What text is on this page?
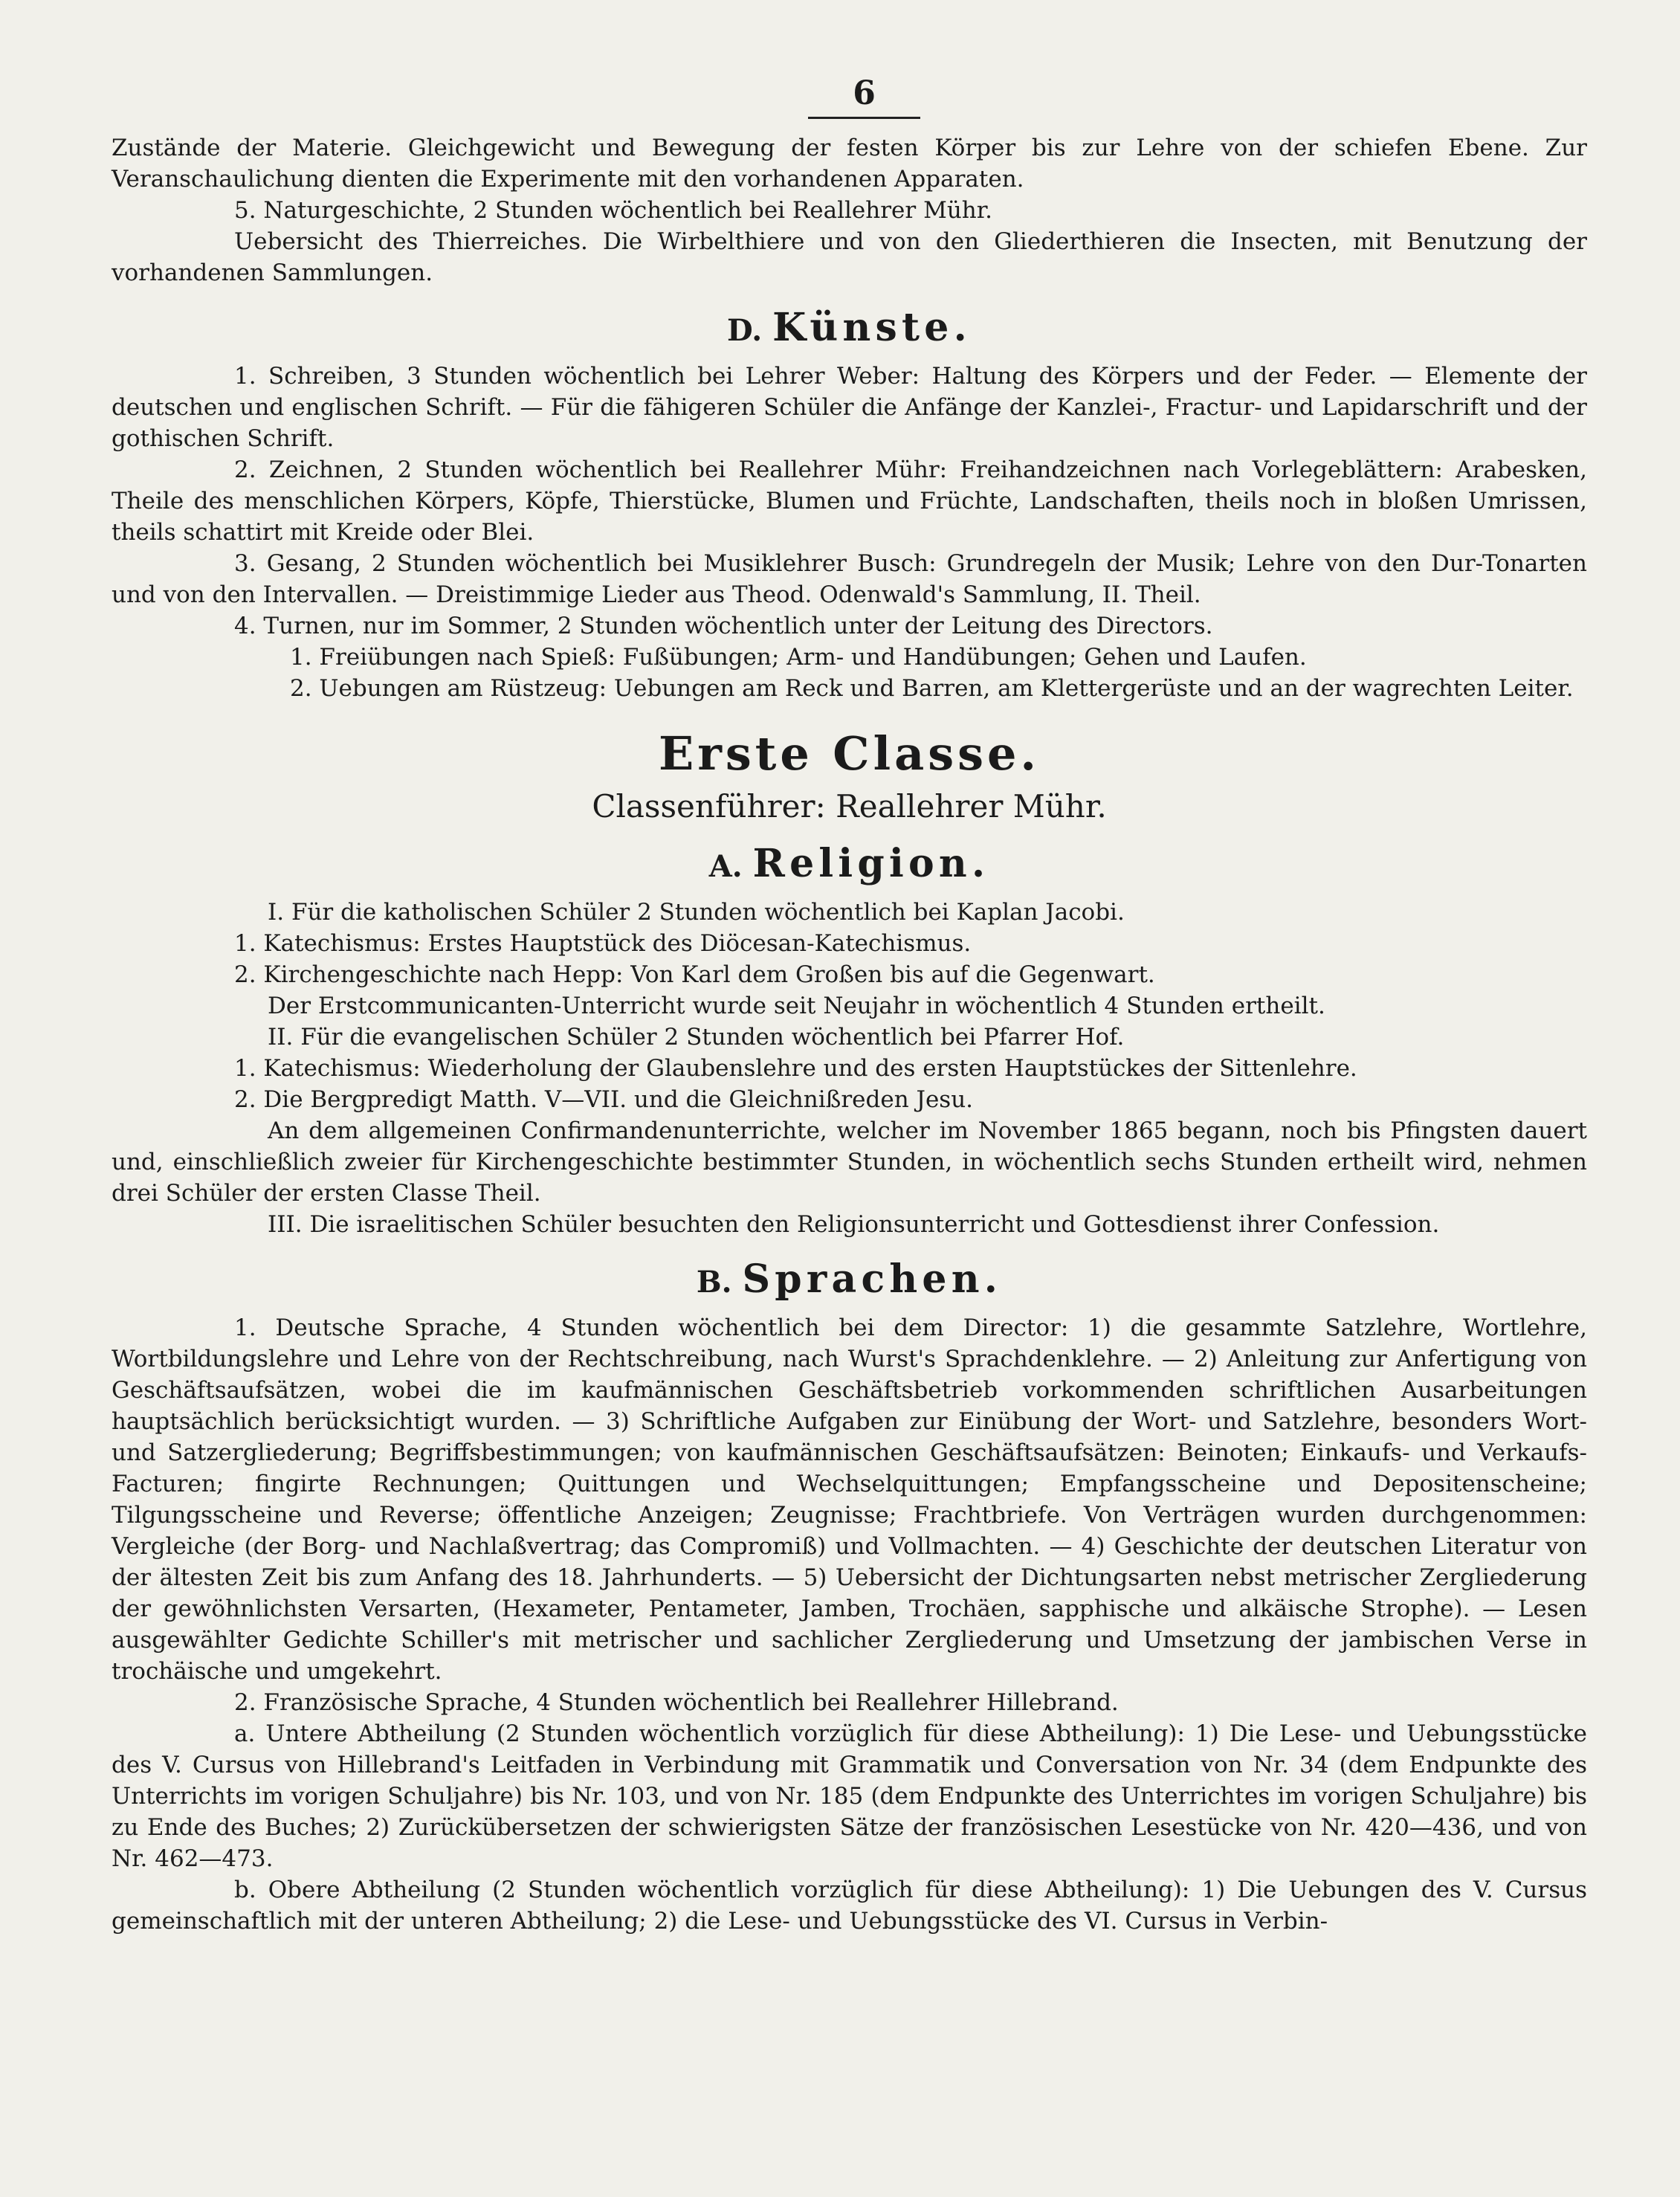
6

Zustände der Materie. Gleichgewicht und Bewegung der festen Körper bis zur Lehre von der schiefen Ebene. Zur Veranschaulichung dienten die Experimente mit den vorhandenen Apparaten.

5. Naturgeschichte, 2 Stunden wöchentlich bei Reallehrer Mühr.

Uebersicht des Thierreiches. Die Wirbelthiere und von den Gliederthieren die Insecten, mit Benutzung der vorhandenen Sammlungen.

D. Künste.

1. Schreiben, 3 Stunden wöchentlich bei Lehrer Weber: Haltung des Körpers und der Feder. — Elemente der deutschen und englischen Schrift. — Für die fähigeren Schüler die Anfänge der Kanzlei-, Fractur- und Lapidarschrift und der gothischen Schrift.

2. Zeichnen, 2 Stunden wöchentlich bei Reallehrer Mühr: Freihandzeichnen nach Vorlegeblättern: Arabesken, Theile des menschlichen Körpers, Köpfe, Thierstücke, Blumen und Früchte, Landschaften, theils noch in bloßen Umrissen, theils schattirt mit Kreide oder Blei.

3. Gesang, 2 Stunden wöchentlich bei Musiklehrer Busch: Grundregeln der Musik; Lehre von den Dur-Tonarten und von den Intervallen. — Dreistimmige Lieder aus Theod. Odenwald's Sammlung, II. Theil.

4. Turnen, nur im Sommer, 2 Stunden wöchentlich unter der Leitung des Directors.

1. Freiübungen nach Spieß: Fußübungen; Arm- und Handübungen; Gehen und Laufen.

2. Uebungen am Rüstzeug: Uebungen am Reck und Barren, am Klettergerüste und an der wagrechten Leiter.

Erste Classe.
Classenführer: Reallehrer Mühr.
A. Religion.

I. Für die katholischen Schüler 2 Stunden wöchentlich bei Kaplan Jacobi.

1. Katechismus: Erstes Hauptstück des Diöcesan-Katechismus.

2. Kirchengeschichte nach Hepp: Von Karl dem Großen bis auf die Gegenwart.

Der Erstcommunicanten-Unterricht wurde seit Neujahr in wöchentlich 4 Stunden ertheilt.

II. Für die evangelischen Schüler 2 Stunden wöchentlich bei Pfarrer Hof.

1. Katechismus: Wiederholung der Glaubenslehre und des ersten Hauptstückes der Sittenlehre.

2. Die Bergpredigt Matth. V—VII. und die Gleichnißreden Jesu.

An dem allgemeinen Confirmandenunterrichte, welcher im November 1865 begann, noch bis Pfingsten dauert und, einschließlich zweier für Kirchengeschichte bestimmter Stunden, in wöchentlich sechs Stunden ertheilt wird, nehmen drei Schüler der ersten Classe Theil.

III. Die israelitischen Schüler besuchten den Religionsunterricht und Gottesdienst ihrer Confession.

B. Sprachen.

1. Deutsche Sprache, 4 Stunden wöchentlich bei dem Director: 1) die gesammte Satzlehre, Wortlehre, Wortbildungslehre und Lehre von der Rechtschreibung, nach Wurst's Sprachdenklehre. — 2) Anleitung zur Anfertigung von Geschäftsaufsätzen, wobei die im kaufmännischen Geschäftsbetrieb vorkommenden schriftlichen Ausarbeitungen hauptsächlich berücksichtigt wurden. — 3) Schriftliche Aufgaben zur Einübung der Wort- und Satzlehre, besonders Wort- und Satzergliederung; Begriffsbestimmungen; von kaufmännischen Geschäftsaufsätzen: Beinoten; Einkaufs- und Verkaufs-Facturen; fingirte Rechnungen; Quittungen und Wechselquittungen; Empfangsscheine und Depositenscheine; Tilgungsscheine und Reverse; öffentliche Anzeigen; Zeugnisse; Frachtbriefe. Von Verträgen wurden durchgenommen: Vergleiche (der Borg- und Nachlaßvertrag; das Compromiß) und Vollmachten. — 4) Geschichte der deutschen Literatur von der ältesten Zeit bis zum Anfang des 18. Jahrhunderts. — 5) Uebersicht der Dichtungsarten nebst metrischer Zergliederung der gewöhnlichsten Versarten, (Hexameter, Pentameter, Jamben, Trochäen, sapphische und alkäische Strophe). — Lesen ausgewählter Gedichte Schiller's mit metrischer und sachlicher Zergliederung und Umsetzung der jambischen Verse in trochäische und umgekehrt.

2. Französische Sprache, 4 Stunden wöchentlich bei Reallehrer Hillebrand.

a. Untere Abtheilung (2 Stunden wöchentlich vorzüglich für diese Abtheilung): 1) Die Lese- und Uebungsstücke des V. Cursus von Hillebrand's Leitfaden in Verbindung mit Grammatik und Conversation von Nr. 34 (dem Endpunkte des Unterrichts im vorigen Schuljahre) bis Nr. 103, und von Nr. 185 (dem Endpunkte des Unterrichtes im vorigen Schuljahre) bis zu Ende des Buches; 2) Zurückübersetzen der schwierigsten Sätze der französischen Lesestücke von Nr. 420—436, und von Nr. 462—473.

b. Obere Abtheilung (2 Stunden wöchentlich vorzüglich für diese Abtheilung): 1) Die Uebungen des V. Cursus gemeinschaftlich mit der unteren Abtheilung; 2) die Lese- und Uebungsstücke des VI. Cursus in Verbin-
